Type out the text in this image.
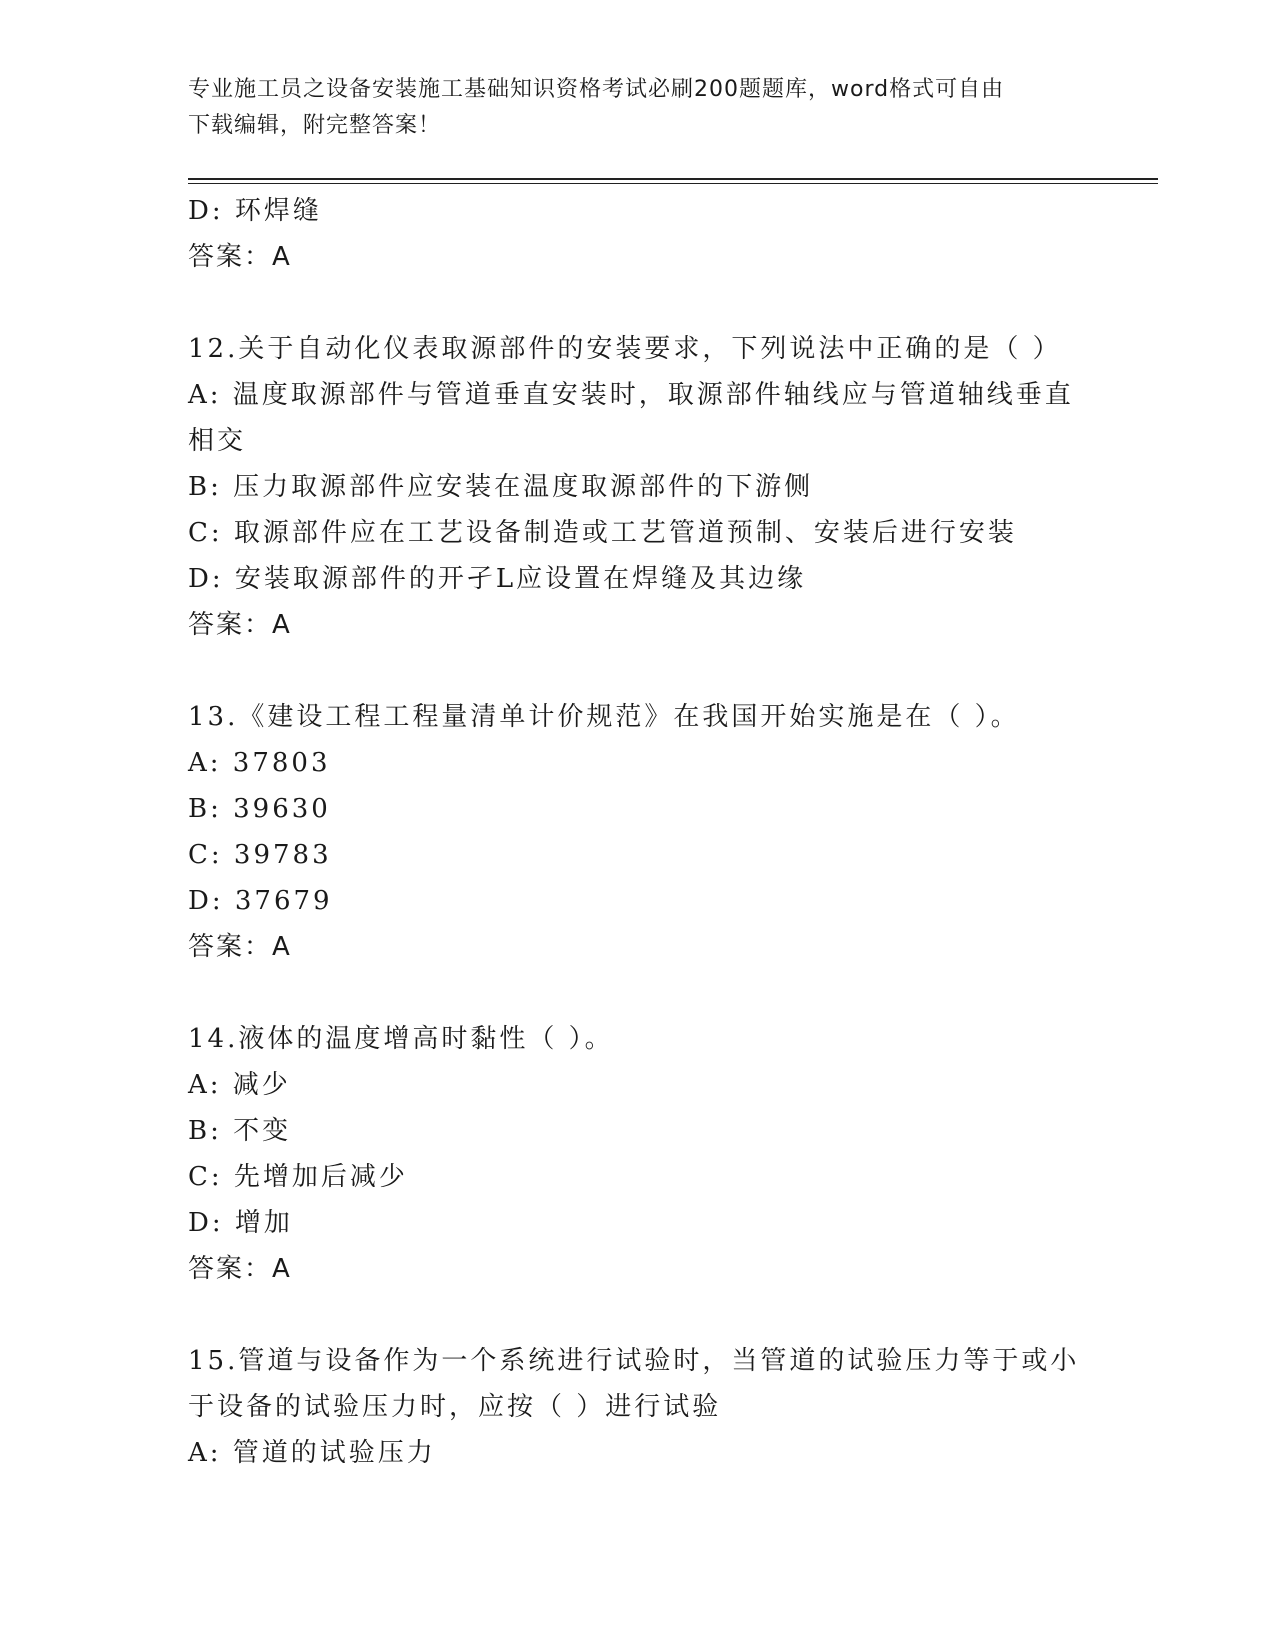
专业施工员之设备安装施工基础知识资格考试必刷200题题库，word格式可自由
下载编辑，附完整答案！
D: 环焊缝
答案：A
12.关于自动化仪表取源部件的安装要求，下列说法中正确的是（ ）
A: 温度取源部件与管道垂直安装时，取源部件轴线应与管道轴线垂直
相交
B: 压力取源部件应安装在温度取源部件的下游侧
C: 取源部件应在工艺设备制造或工艺管道预制、安装后进行安装
D: 安装取源部件的开孑L应设置在焊缝及其边缘
答案：A
13.《建设工程工程量清单计价规范》在我国开始实施是在（ ）。
A: 37803
B: 39630
C: 39783
D: 37679
答案：A
14.液体的温度增高时黏性（ ）。
A: 减少
B: 不变
C: 先增加后减少
D: 增加
答案：A
15.管道与设备作为一个系统进行试验时，当管道的试验压力等于或小
于设备的试验压力时，应按（ ）进行试验
A: 管道的试验压力
